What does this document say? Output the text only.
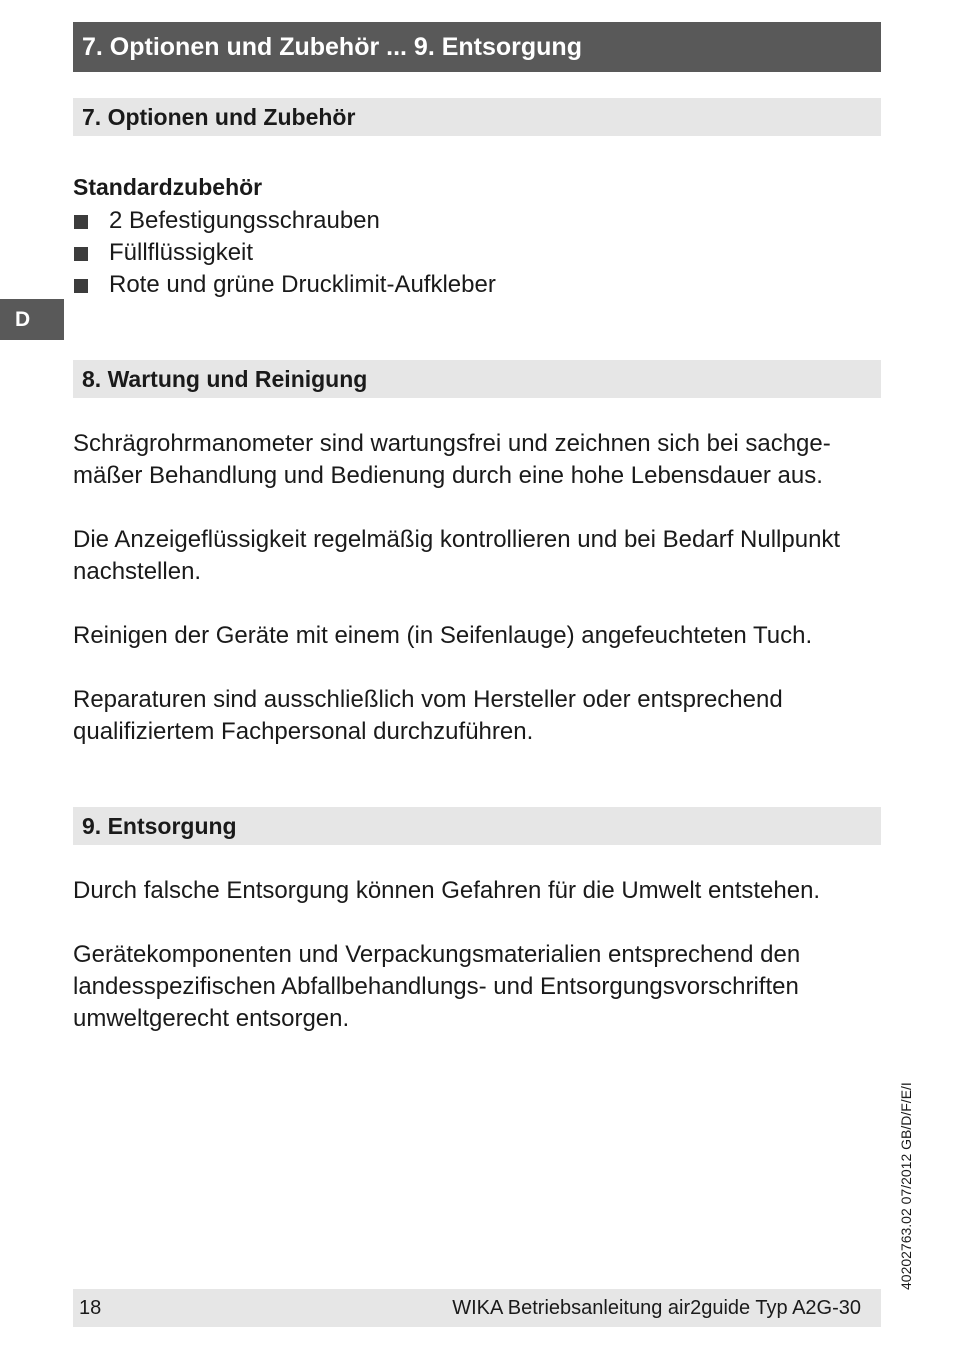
7. Optionen und Zubehör ... 9. Entsorgung
7. Optionen und Zubehör
Standardzubehör
2 Befestigungsschrauben
Füllflüssigkeit
Rote und grüne Drucklimit-Aufkleber
D
8. Wartung und Reinigung

Schrägrohrmanometer sind wartungsfrei und zeichnen sich bei sachge-mäßer Behandlung und Bedienung durch eine hohe Lebensdauer aus.

Die Anzeigeflüssigkeit regelmäßig kontrollieren und bei Bedarf Nullpunkt nachstellen.

Reinigen der Geräte mit einem (in Seifenlauge) angefeuchteten Tuch.

Reparaturen sind ausschließlich vom Hersteller oder entsprechend qualifiziertem Fachpersonal durchzuführen.

9. Entsorgung

Durch falsche Entsorgung können Gefahren für die Umwelt entstehen.

Gerätekomponenten und Verpackungsmaterialien entsprechend den landesspezifischen Abfallbehandlungs- und Entsorgungsvorschriften umweltgerecht entsorgen.

40202763.02 07/2012 GB/D/F/E/I
18	WIKA Betriebsanleitung air2guide Typ A2G-30
